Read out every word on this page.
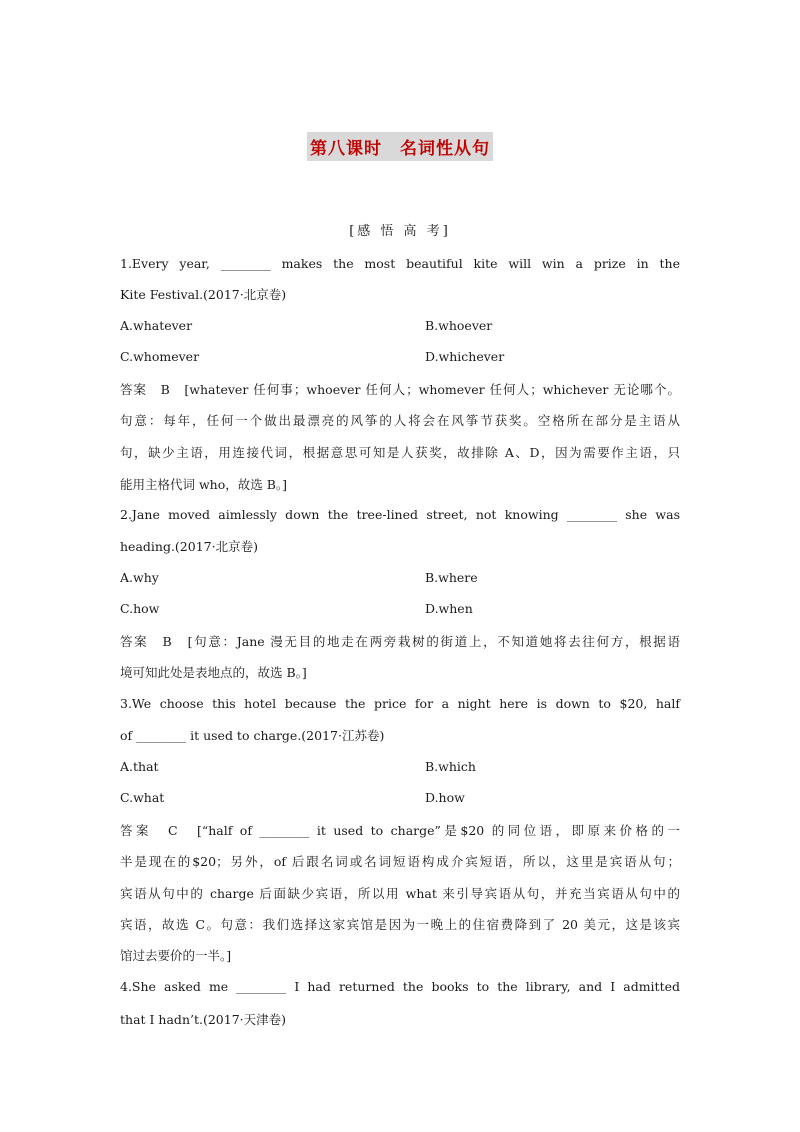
第八课时　名词性从句
[感 悟 高 考]
1.Every year, ________ makes the most beautiful kite will win a prize in the
Kite Festival.(2017·北京卷)
A.whatever	B.whoever
C.whomever	D.whichever
答案　B　[whatever 任何事；whoever 任何人；whomever 任何人；whichever 无论哪个。
句意：每年，任何一个做出最漂亮的风筝的人将会在风筝节获奖。空格所在部分是主语从
句，缺少主语，用连接代词，根据意思可知是人获奖，故排除 A、D，因为需要作主语，只
能用主格代词 who，故选 B。]
2.Jane moved aimlessly down the tree-lined street, not knowing ________ she was
heading.(2017·北京卷)
A.why	B.where
C.how	D.when
答案　B　[句意：Jane 漫无目的地走在两旁栽树的街道上，不知道她将去往何方，根据语
境可知此处是表地点的，故选 B。]
3.We choose this hotel because the price for a night here is down to $20, half
of ________ it used to charge.(2017·江苏卷)
A.that	B.which
C.what	D.how
答案　C　[“half of ________ it used to charge”是$20 的同位语，即原来价格的一
半是现在的$20；另外，of 后跟名词或名词短语构成介宾短语，所以，这里是宾语从句；
宾语从句中的 charge 后面缺少宾语，所以用 what 来引导宾语从句，并充当宾语从句中的
宾语，故选 C。句意：我们选择这家宾馆是因为一晚上的住宿费降到了 20 美元，这是该宾
馆过去要价的一半。]
4.She asked me ________ I had returned the books to the library, and I admitted
that I hadn’t.(2017·天津卷)
